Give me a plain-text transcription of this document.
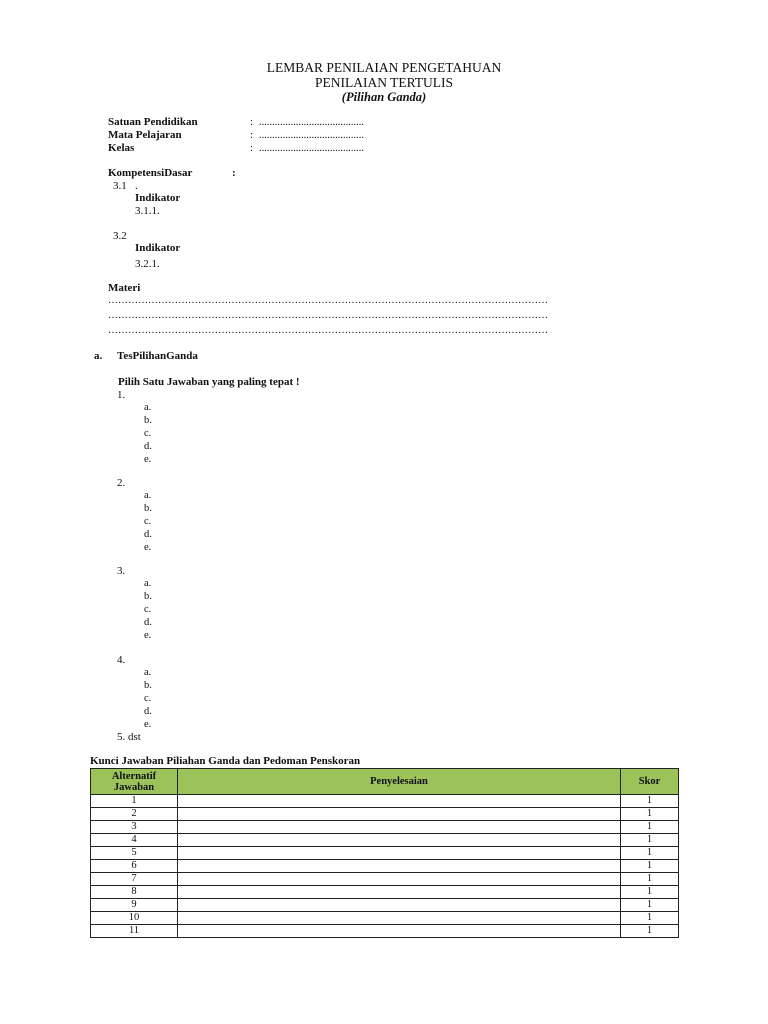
LEMBAR PENILAIAN PENGETAHUAN
PENILAIAN TERTULIS
(Pilihan Ganda)
Satuan Pendidikan	: ........................................
Mata Pelajaran	: ........................................
Kelas	: ........................................
KompetensiDasar	:
3.1 .
Indikator
3.1.1.
3.2
Indikator
3.2.1.
Materi
……………………………………………………………………………………………………………………
……………………………………………………………………………………………………………………
……………………………………………………………………………………………………………………
a. TesPilihanGanda
Pilih Satu Jawaban yang paling tepat !
1.
a.
b.
c.
d.
e.
2.
a.
b.
c.
d.
e.
3.
a.
b.
c.
d.
e.
4.
a.
b.
c.
d.
e.
5. dst
Kunci Jawaban Piliahan Ganda dan Pedoman Penskoran
Alternatif Jawaban	Penyelesaian	Skor
1		1
2		1
3		1
4		1
5		1
6		1
7		1
8		1
9		1
10		1
11		1
